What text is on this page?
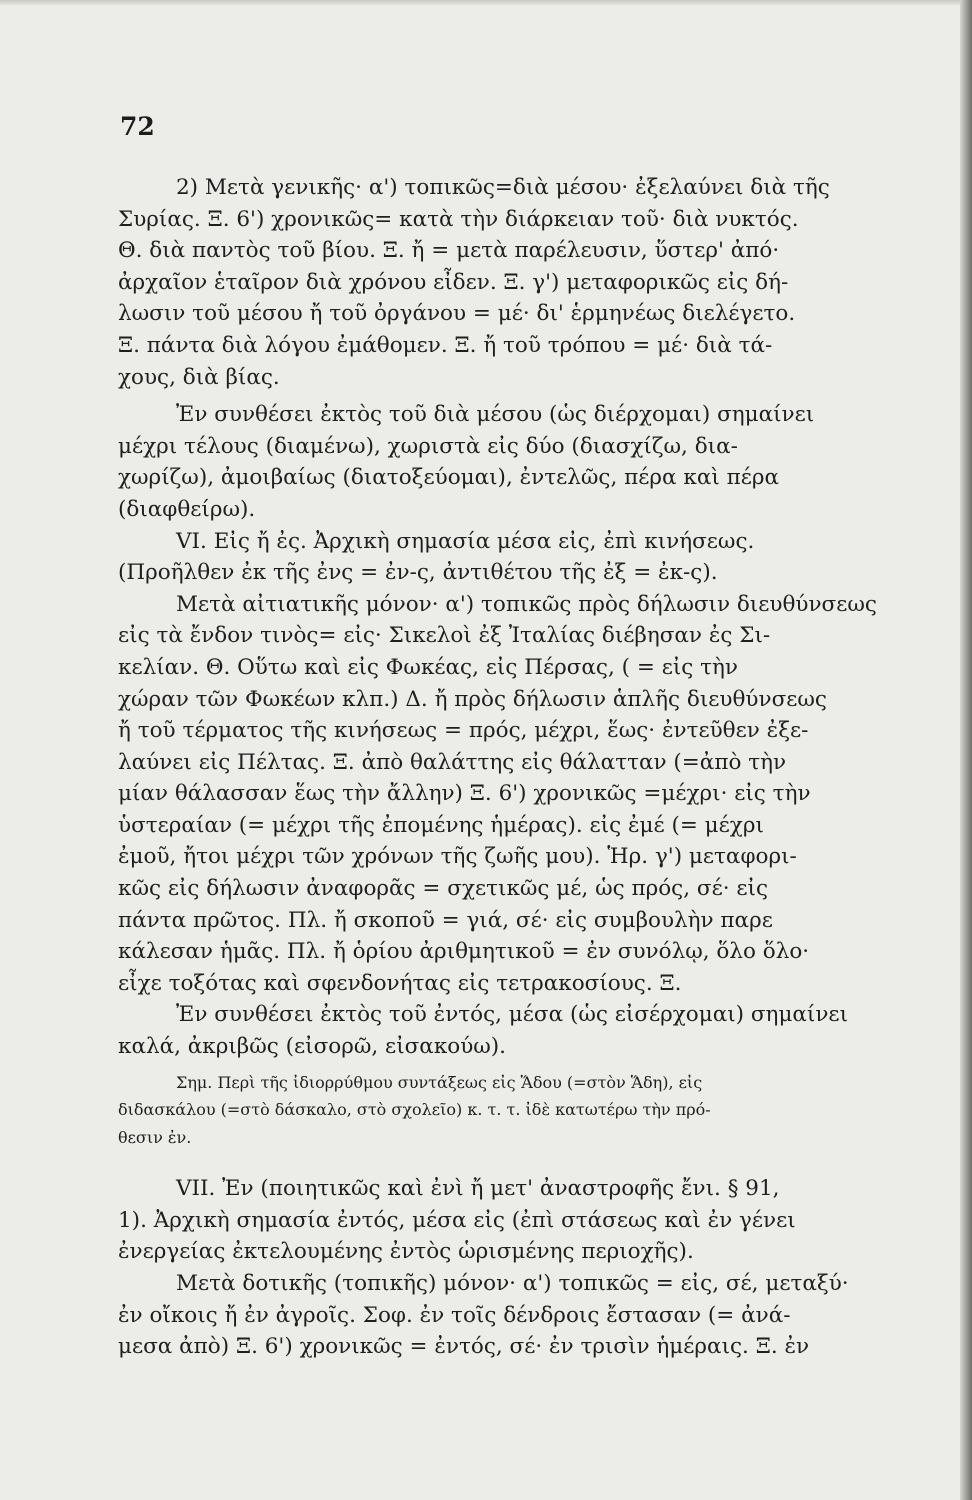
72
2) Μετὰ γενικῆς· α') τοπικῶς=διὰ μέσου· ἐξελαύνει διὰ τῆς
Συρίας. Ξ. 6') χρονικῶς= κατὰ τὴν διάρκειαν τοῦ· διὰ νυκτός.
Θ. διὰ παντὸς τοῦ βίου. Ξ. ἤ = μετὰ παρέλευσιν, ὕστερ' ἀπό·
ἀρχαῖον ἑταῖρον διὰ χρόνου εἶδεν. Ξ. γ') μεταφορικῶς εἰς δή-
λωσιν τοῦ μέσου ἤ τοῦ ὀργάνου = μέ· δι' ἑρμηνέως διελέγετο.
Ξ. πάντα διὰ λόγου ἐμάθομεν. Ξ. ἤ τοῦ τρόπου = μέ· διὰ τά-
χους, διὰ βίας.
Ἐν συνθέσει ἐκτὸς τοῦ διὰ μέσου (ὡς διέρχομαι) σημαίνει
μέχρι τέλους (διαμένω), χωριστὰ εἰς δύο (διασχίζω, δια-
χωρίζω), ἀμοιβαίως (διατοξεύομαι), ἐντελῶς, πέρα καὶ πέρα
(διαφθείρω).
VI. Εἰς ἤ ἐς. Ἀρχικὴ σημασία μέσα εἰς, ἐπὶ κινήσεως.
(Προῆλθεν ἐκ τῆς ἐνς = ἐν-ς, ἀντιθέτου τῆς ἐξ = ἐκ-ς).
Μετὰ αἰτιατικῆς μόνον· α') τοπικῶς πρὸς δήλωσιν διευθύνσεως
εἰς τὰ ἔνδον τινὸς= εἰς· Σικελοὶ ἐξ Ἰταλίας διέβησαν ἐς Σι-
κελίαν. Θ. Οὕτω καὶ εἰς Φωκέας, εἰς Πέρσας, ( = εἰς τὴν
χώραν τῶν Φωκέων κλπ.) Δ. ἤ πρὸς δήλωσιν ἁπλῆς διευθύνσεως
ἤ τοῦ τέρματος τῆς κινήσεως = πρός, μέχρι, ἕως· ἐντεῦθεν ἐξε-
λαύνει εἰς Πέλτας. Ξ. ἀπὸ θαλάττης εἰς θάλατταν (=ἀπὸ τὴν
μίαν θάλασσαν ἕως τὴν ἄλλην) Ξ. 6') χρονικῶς =μέχρι· εἰς τὴν
ὑστεραίαν (= μέχρι τῆς ἐπομένης ἡμέρας). εἰς ἐμέ (= μέχρι
ἐμοῦ, ἤτοι μέχρι τῶν χρόνων τῆς ζωῆς μου). Ἡρ. γ') μεταφορι-
κῶς εἰς δήλωσιν ἀναφορᾶς = σχετικῶς μέ, ὡς πρός, σέ· εἰς
πάντα πρῶτος. Πλ. ἤ σκοποῦ = γιά, σέ· εἰς συμβουλὴν παρε
κάλεσαν ἡμᾶς. Πλ. ἤ ὁρίου ἀριθμητικοῦ = ἐν συνόλῳ, ὅλο ὅλο·
εἶχε τοξότας καὶ σφενδονήτας εἰς τετρακοσίους. Ξ.
Ἐν συνθέσει ἐκτὸς τοῦ ἐντός, μέσα (ὡς εἰσέρχομαι) σημαίνει
καλά, ἀκριβῶς (εἰσορῶ, εἰσακούω).
Σημ. Περὶ τῆς ἰδιορρύθμου συντάξεως εἰς Ἅδου (=στὸν Ἅδη), εἰς
διδασκάλου (=στὸ δάσκαλο, στὸ σχολεῖο) κ. τ. τ. ἰδὲ κατωτέρω τὴν πρό-
θεσιν ἐν.
VII. Ἐν (ποιητικῶς καὶ ἐνὶ ἤ μετ' ἀναστροφῆς ἔνι. § 91,
1). Ἀρχικὴ σημασία ἐντός, μέσα εἰς (ἐπὶ στάσεως καὶ ἐν γένει
ἐνεργείας ἐκτελουμένης ἐντὸς ὡρισμένης περιοχῆς).
Μετὰ δοτικῆς (τοπικῆς) μόνον· α') τοπικῶς = εἰς, σέ, μεταξύ·
ἐν οἴκοις ἤ ἐν ἀγροῖς. Σοφ. ἐν τοῖς δένδροις ἔστασαν (= ἀνά-
μεσα ἀπὸ) Ξ. 6') χρονικῶς = ἐντός, σέ· ἐν τρισὶν ἡμέραις. Ξ. ἐν
